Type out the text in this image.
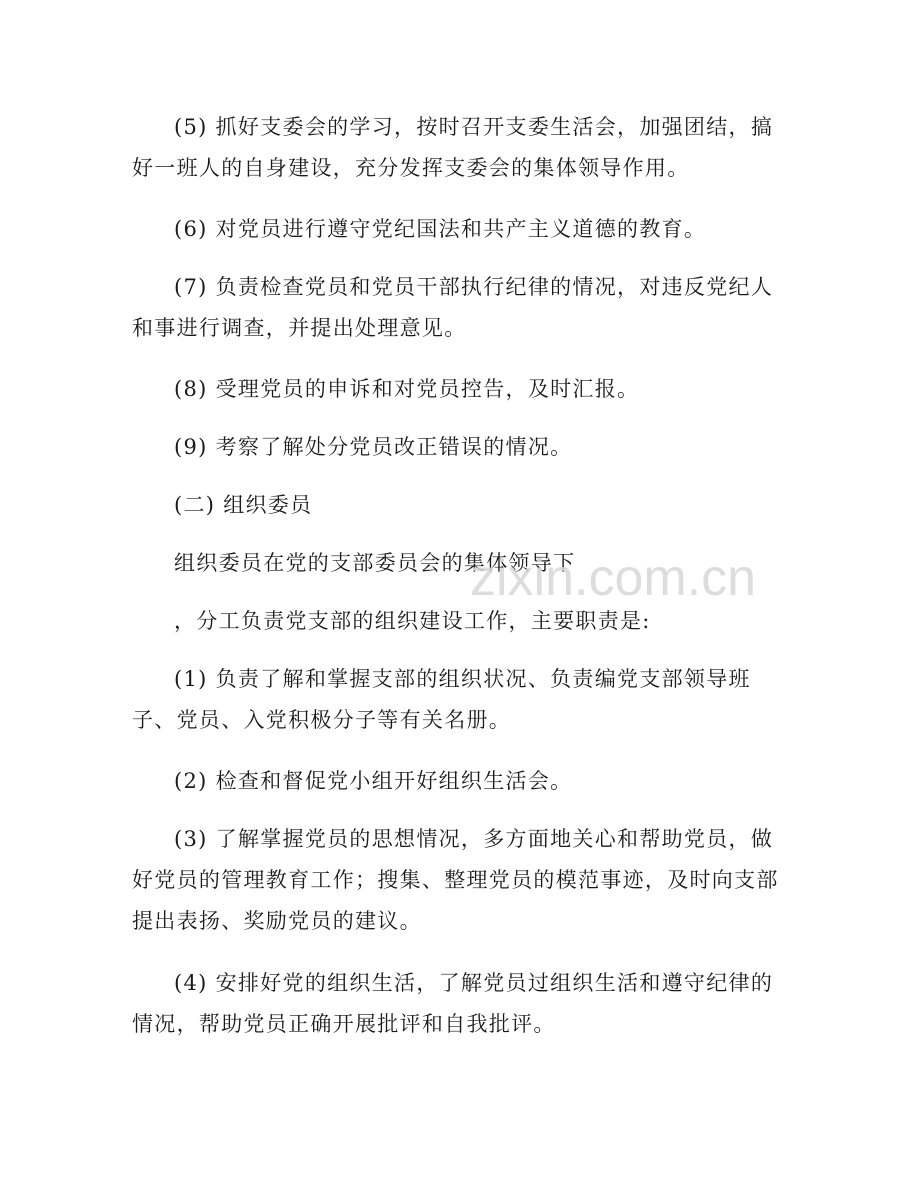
(5) 抓好支委会的学习，按时召开支委生活会，加强团结，搞好一班人的自身建设，充分发挥支委会的集体领导作用。

(6) 对党员进行遵守党纪国法和共产主义道德的教育。

(7) 负责检查党员和党员干部执行纪律的情况，对违反党纪人和事进行调查，并提出处理意见。

(8) 受理党员的申诉和对党员控告，及时汇报。

(9) 考察了解处分党员改正错误的情况。

(二) 组织委员

组织委员在党的支部委员会的集体领导下

，分工负责党支部的组织建设工作，主要职责是:

(1) 负责了解和掌握支部的组织状况、负责编党支部领导班子、党员、入党积极分子等有关名册。

(2) 检查和督促党小组开好组织生活会。

(3) 了解掌握党员的思想情况，多方面地关心和帮助党员，做好党员的管理教育工作；搜集、整理党员的模范事迹，及时向支部提出表扬、奖励党员的建议。

(4) 安排好党的组织生活，了解党员过组织生活和遵守纪律的情况，帮助党员正确开展批评和自我批评。

zixin.com.cn
